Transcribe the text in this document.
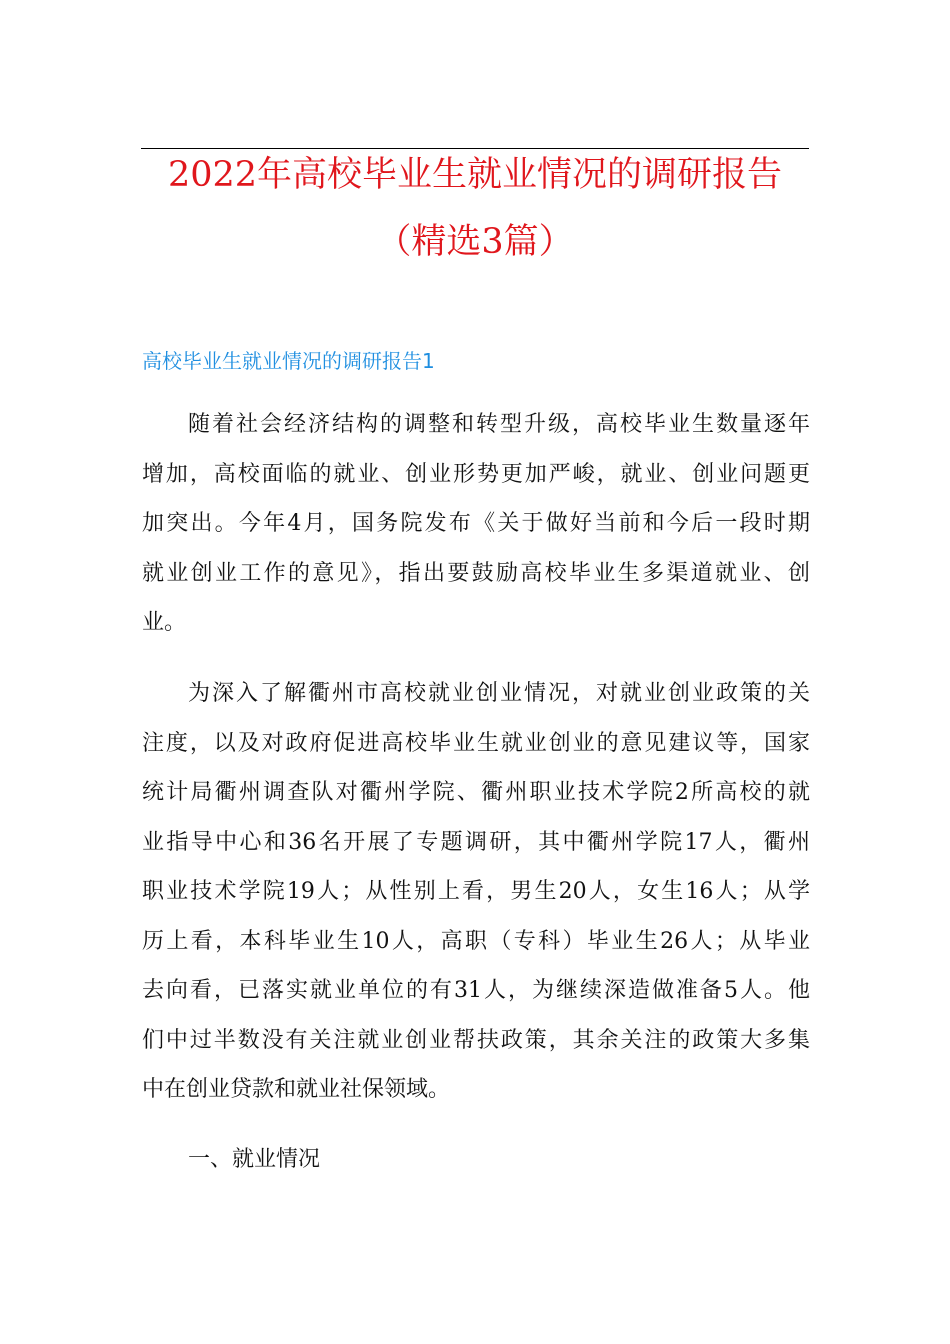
2022年高校毕业生就业情况的调研报告
（精选3篇）
高校毕业生就业情况的调研报告1
随着社会经济结构的调整和转型升级，高校毕业生数量逐年
增加，高校面临的就业、创业形势更加严峻，就业、创业问题更
加突出。今年4月，国务院发布《关于做好当前和今后一段时期
就业创业工作的意见》，指出要鼓励高校毕业生多渠道就业、创
业。
为深入了解衢州市高校就业创业情况，对就业创业政策的关
注度，以及对政府促进高校毕业生就业创业的意见建议等，国家
统计局衢州调查队对衢州学院、衢州职业技术学院2所高校的就
业指导中心和36名开展了专题调研，其中衢州学院17人，衢州
职业技术学院19人；从性别上看，男生20人，女生16人；从学
历上看，本科毕业生10人，高职（专科）毕业生26人；从毕业
去向看，已落实就业单位的有31人，为继续深造做准备5人。他
们中过半数没有关注就业创业帮扶政策，其余关注的政策大多集
中在创业贷款和就业社保领域。
一、就业情况
